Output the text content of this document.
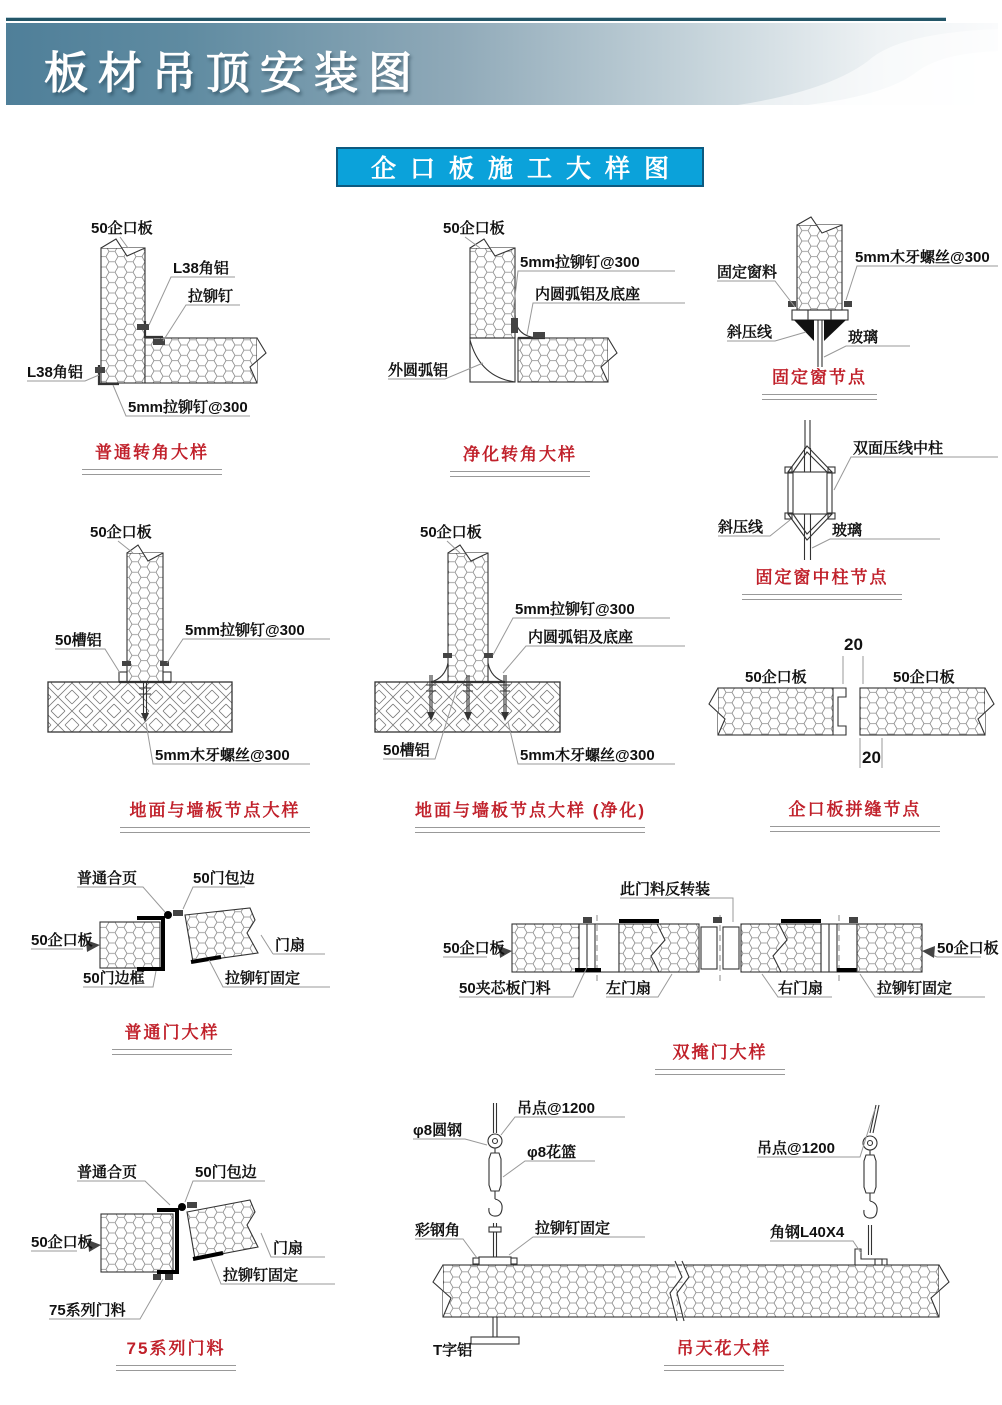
板材吊顶安装图
企口板施工大样图
50企口板
L38角铝
拉铆钉
L38角铝
5mm拉铆钉@300
普通转角大样
50企口板
5mm拉铆钉@300
内圆弧铝及底座
外圆弧铝
净化转角大样
固定窗料
5mm木牙螺丝@300
斜压线	玻璃
固定窗节点
双面压线中柱
斜压线	玻璃
固定窗中柱节点
50企口板
50槽铝
5mm拉铆钉@300
5mm木牙螺丝@300
地面与墙板节点大样
50企口板
5mm拉铆钉@300
内圆弧铝及底座
50槽铝	5mm木牙螺丝@300
地面与墙板节点大样 (净化)
20
20
50企口板	50企口板
企口板拼缝节点
普通合页	50门包边
50企口板	门扇
50门边框	拉铆钉固定
普通门大样
50企口板
此门料反转装
50夹芯板门料	左门扇	右门扇	拉铆钉固定
50企口板
双掩门大样
普通合页	50门包边
50企口板	门扇
拉铆钉固定
75系列门料
75系列门料
吊点@1200
φ8圆钢
φ8花篮
彩钢角	拉铆钉固定
吊点@1200
角钢L40X4
T字铝	吊天花大样
